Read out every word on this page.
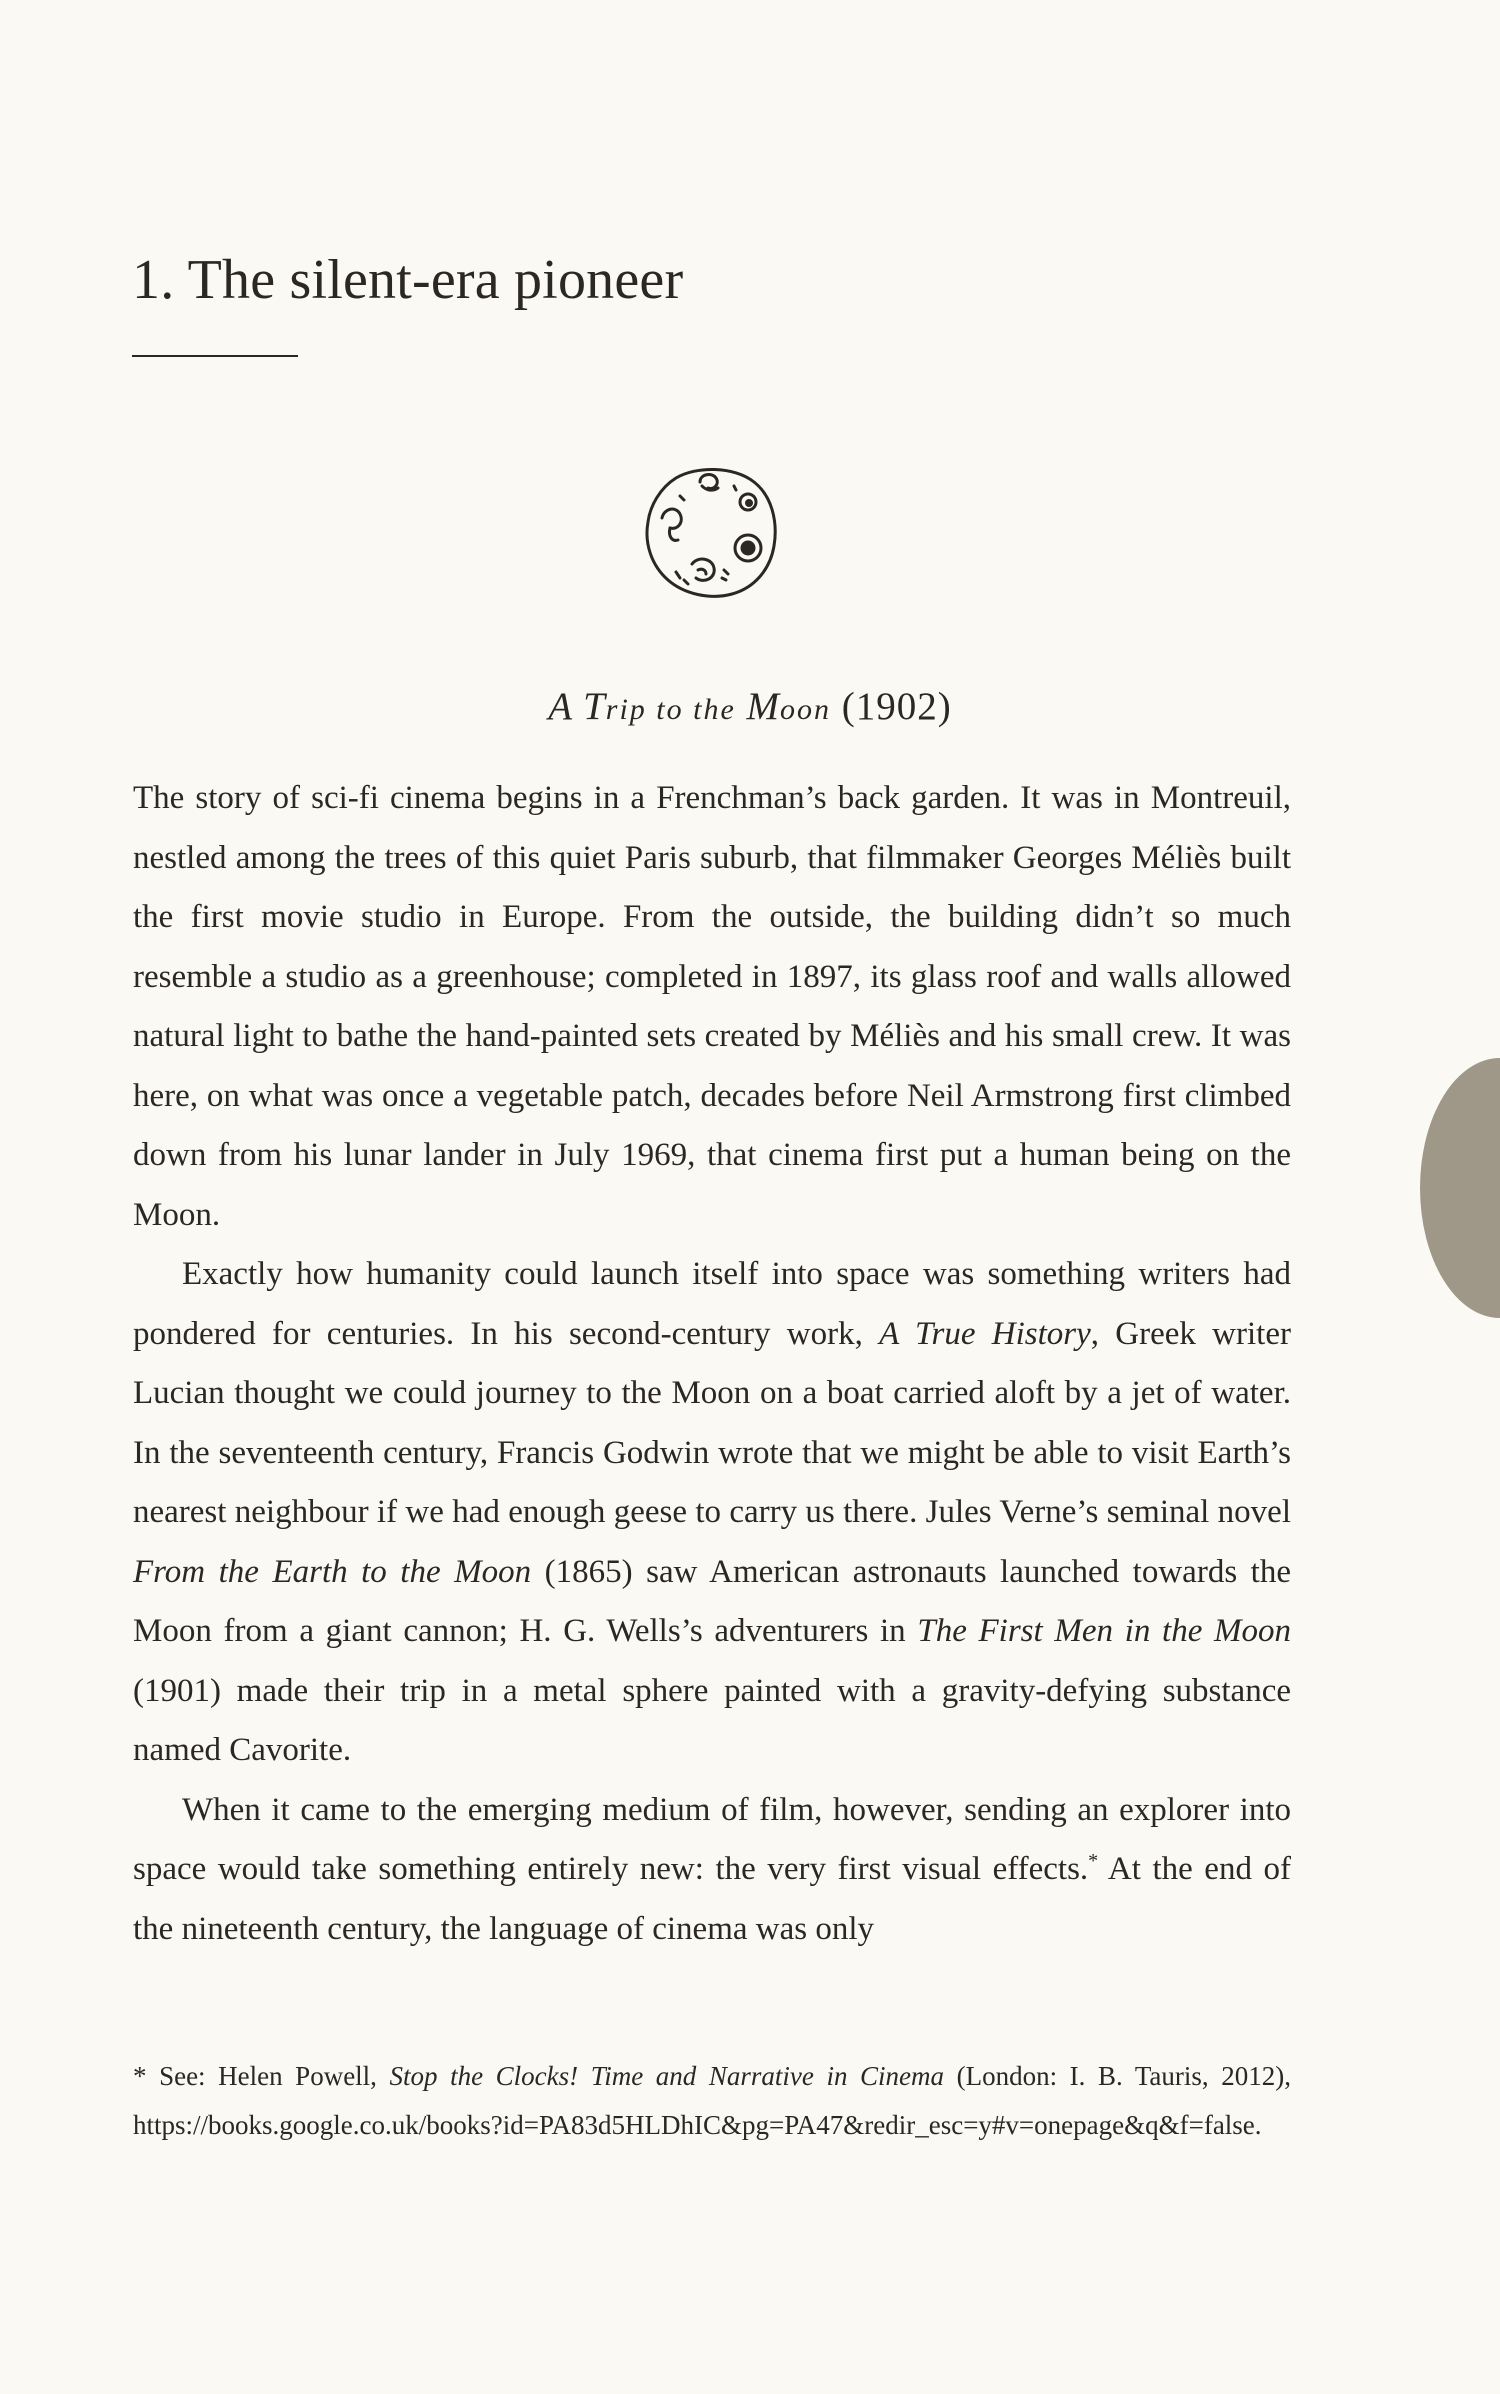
1. The silent-era pioneer
A Trip to the Moon (1902)

The story of sci-fi cinema begins in a Frenchman’s back garden. It was in Montreuil, nestled among the trees of this quiet Paris suburb, that filmmaker Georges Méliès built the first movie studio in Europe. From the outside, the building didn’t so much resemble a studio as a greenhouse; completed in 1897, its glass roof and walls allowed natural light to bathe the hand-painted sets created by Méliès and his small crew. It was here, on what was once a vegetable patch, decades before Neil Armstrong first climbed down from his lunar lander in July 1969, that cinema first put a human being on the Moon.

Exactly how humanity could launch itself into space was something writers had pondered for centuries. In his second-century work, A True History, Greek writer Lucian thought we could journey to the Moon on a boat carried aloft by a jet of water. In the seventeenth century, Francis Godwin wrote that we might be able to visit Earth’s nearest neighbour if we had enough geese to carry us there. Jules Verne’s seminal novel From the Earth to the Moon (1865) saw American astronauts launched towards the Moon from a giant cannon; H. G. Wells’s adventurers in The First Men in the Moon (1901) made their trip in a metal sphere painted with a gravity-defying substance named Cavorite.

When it came to the emerging medium of film, however, sending an explorer into space would take something entirely new: the very first visual effects.* At the end of the nineteenth century, the language of cinema was only

* See: Helen Powell, Stop the Clocks! Time and Narrative in Cinema (London: I. B. Tauris, 2012), https://books.google.co.uk/books?id=PA83d5HLDhIC&pg=PA47&redir_esc=y#v=onepage&q&f=false.
